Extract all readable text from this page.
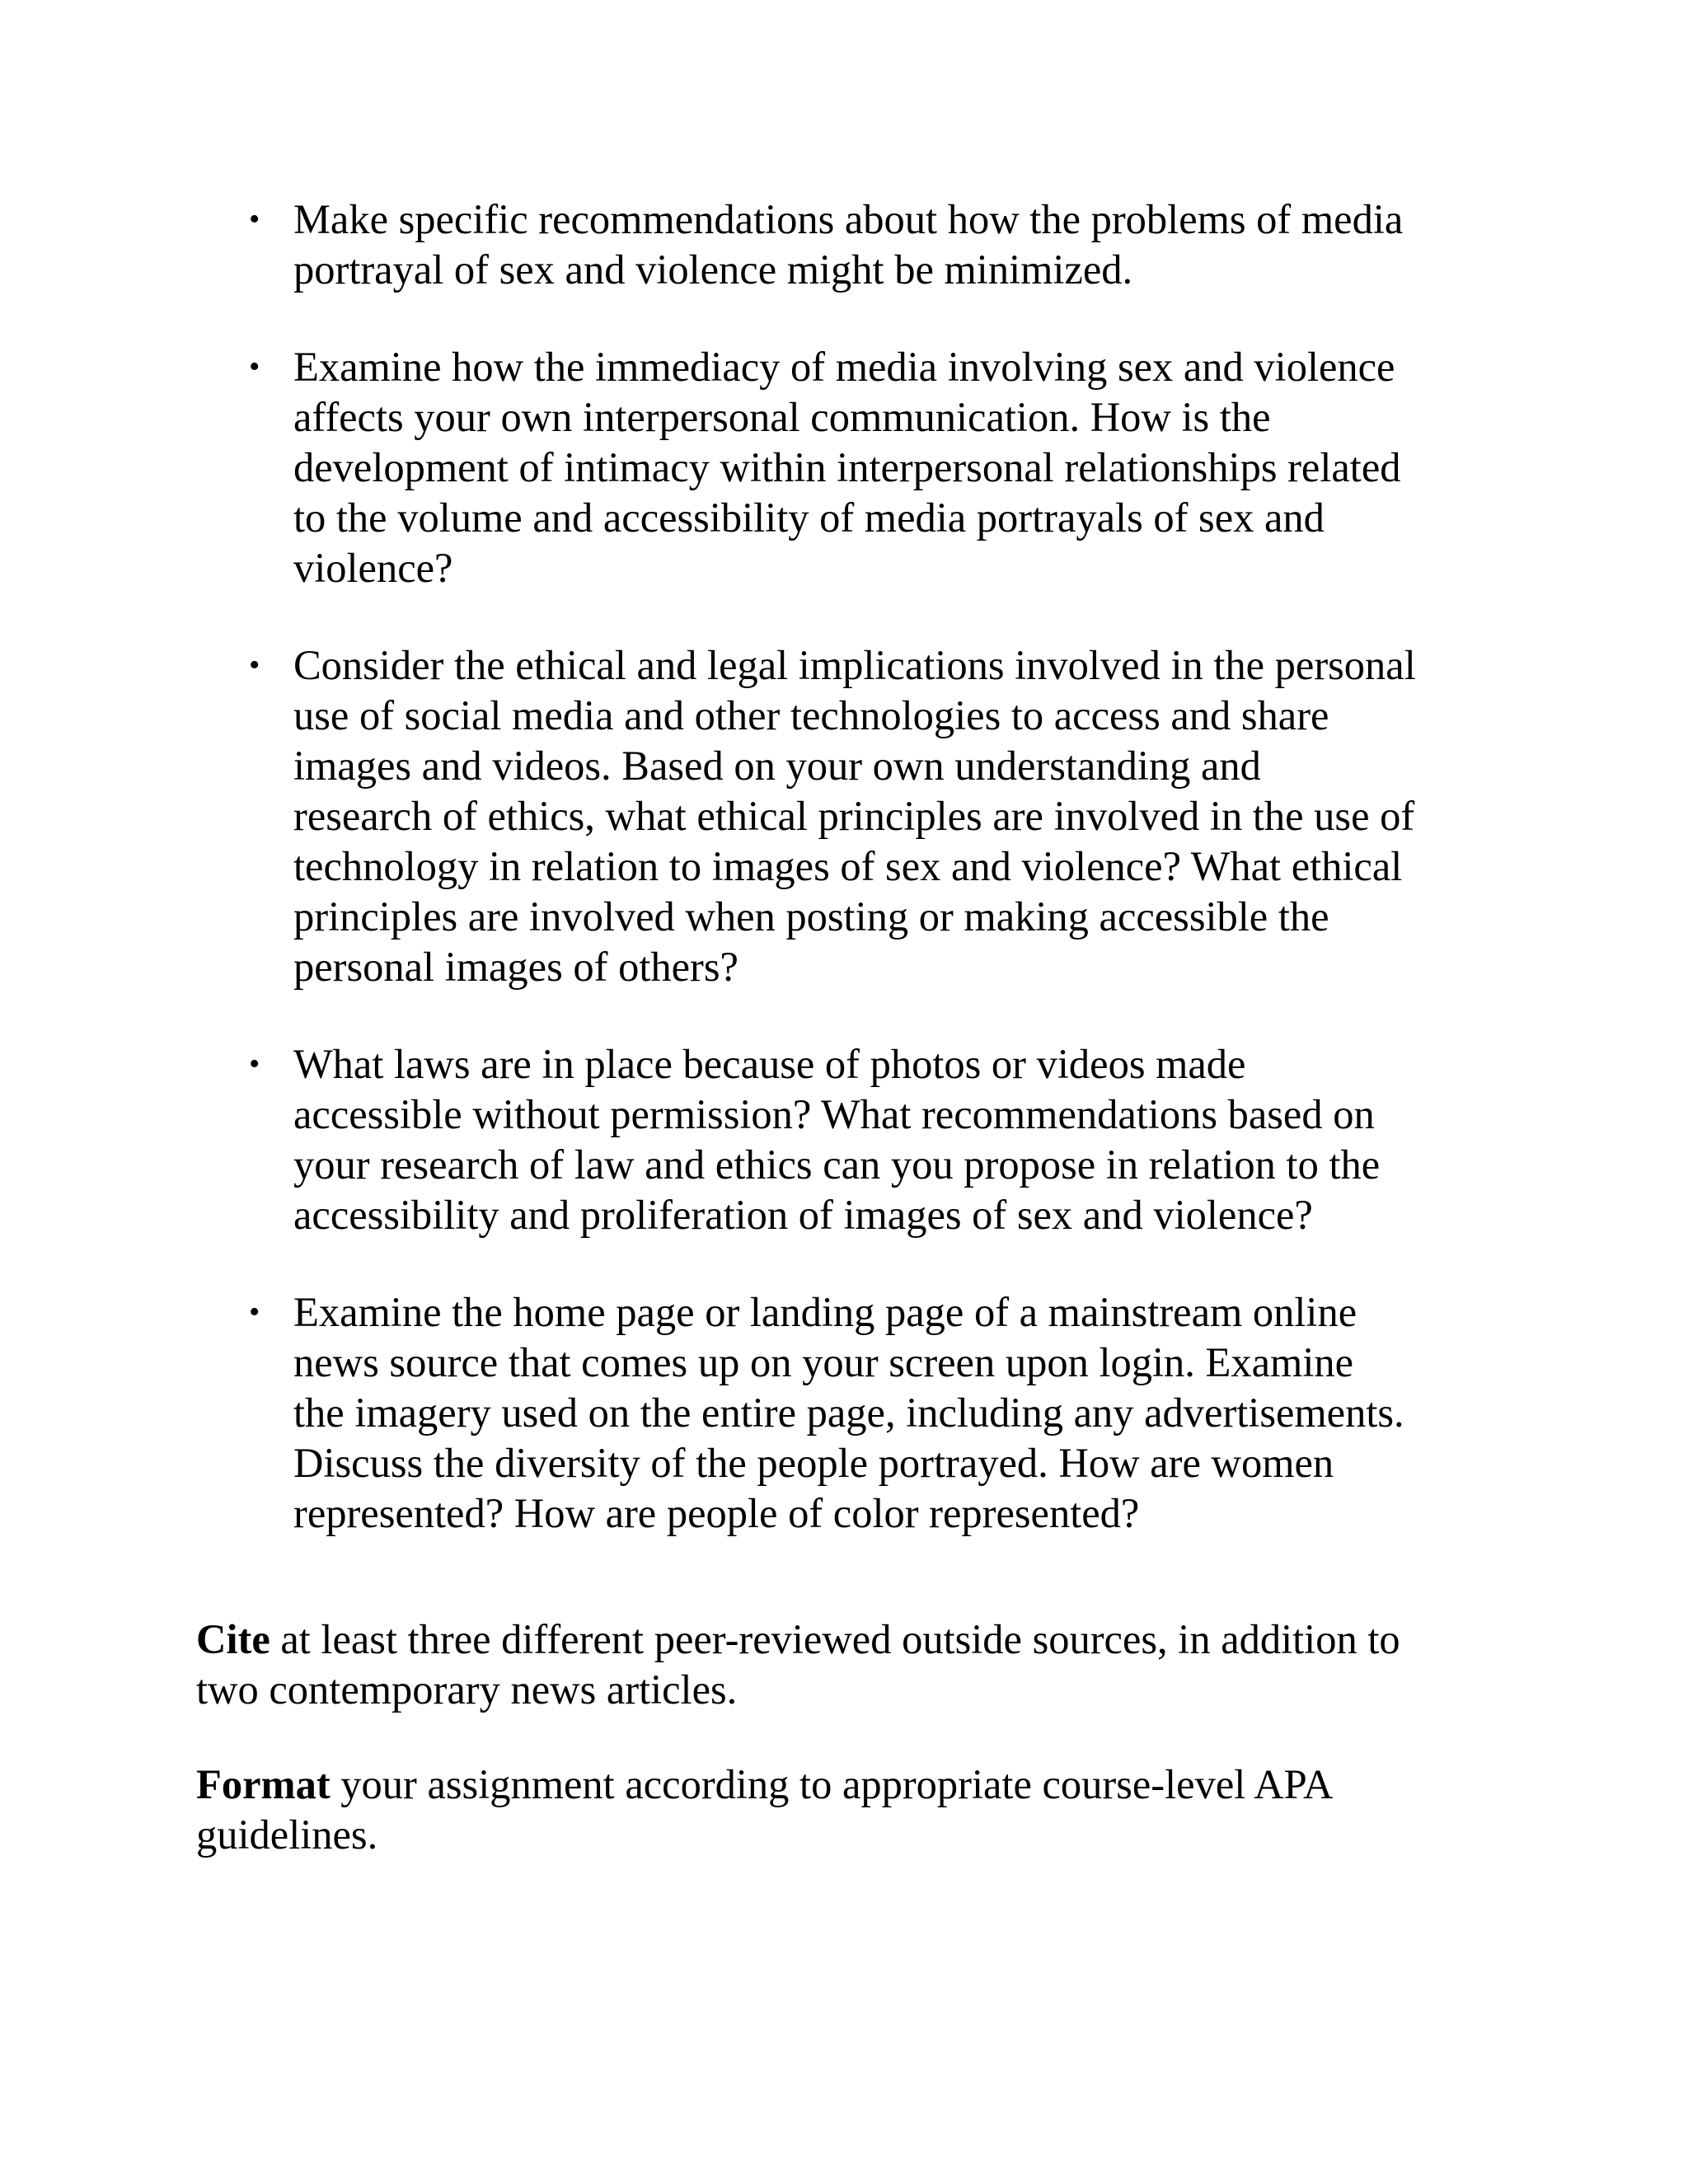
• Make specific recommendations about how the problems of media
portrayal of sex and violence might be minimized.
• Examine how the immediacy of media involving sex and violence
affects your own interpersonal communication. How is the
development of intimacy within interpersonal relationships related
to the volume and accessibility of media portrayals of sex and
violence?
• Consider the ethical and legal implications involved in the personal
use of social media and other technologies to access and share
images and videos. Based on your own understanding and
research of ethics, what ethical principles are involved in the use of
technology in relation to images of sex and violence? What ethical
principles are involved when posting or making accessible the
personal images of others?
• What laws are in place because of photos or videos made
accessible without permission? What recommendations based on
your research of law and ethics can you propose in relation to the
accessibility and proliferation of images of sex and violence?
• Examine the home page or landing page of a mainstream online
news source that comes up on your screen upon login. Examine
the imagery used on the entire page, including any advertisements.
Discuss the diversity of the people portrayed. How are women
represented? How are people of color represented?

Cite at least three different peer-reviewed outside sources, in addition to
two contemporary news articles.

Format your assignment according to appropriate course-level APA
guidelines.
